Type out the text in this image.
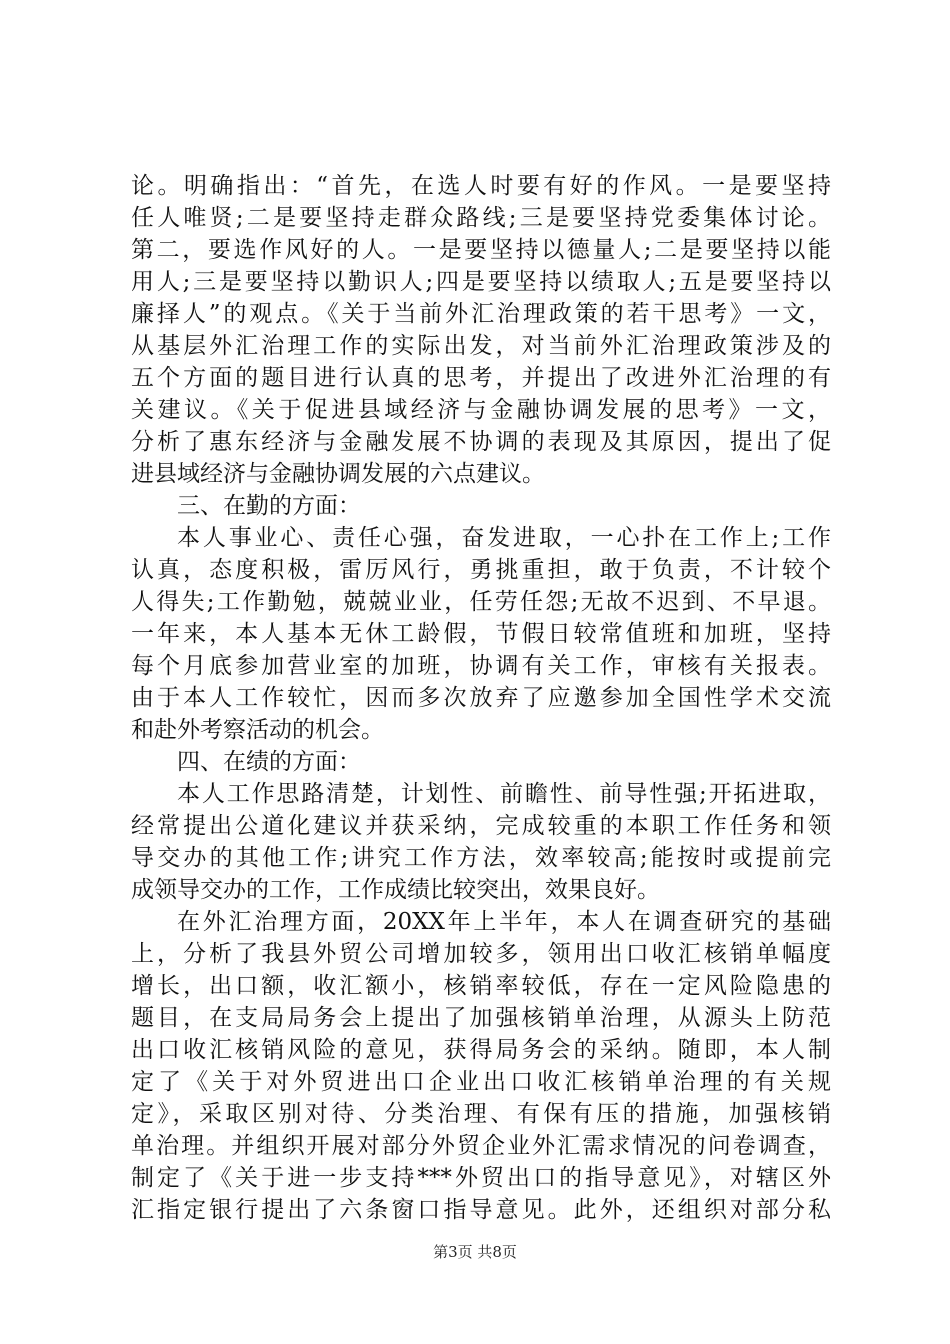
论。明确指出：“首先，在选人时要有好的作风。一是要坚持
任人唯贤;二是要坚持走群众路线;三是要坚持党委集体讨论。
第二，要选作风好的人。一是要坚持以德量人;二是要坚持以能
用人;三是要坚持以勤识人;四是要坚持以绩取人;五是要坚持以
廉择人”的观点。《关于当前外汇治理政策的若干思考》一文，
从基层外汇治理工作的实际出发，对当前外汇治理政策涉及的
五个方面的题目进行认真的思考，并提出了改进外汇治理的有
关建议。《关于促进县域经济与金融协调发展的思考》一文，
分析了惠东经济与金融发展不协调的表现及其原因，提出了促
进县域经济与金融协调发展的六点建议。
三、在勤的方面：
本人事业心、责任心强，奋发进取，一心扑在工作上;工作
认真，态度积极，雷厉风行，勇挑重担，敢于负责，不计较个
人得失;工作勤勉，兢兢业业，任劳任怨;无故不迟到、不早退。
一年来，本人基本无休工龄假，节假日较常值班和加班，坚持
每个月底参加营业室的加班，协调有关工作，审核有关报表。
由于本人工作较忙，因而多次放弃了应邀参加全国性学术交流
和赴外考察活动的机会。
四、在绩的方面：
本人工作思路清楚，计划性、前瞻性、前导性强;开拓进取，
经常提出公道化建议并获采纳，完成较重的本职工作任务和领
导交办的其他工作;讲究工作方法，效率较高;能按时或提前完
成领导交办的工作，工作成绩比较突出，效果良好。
在外汇治理方面，20XX年上半年，本人在调查研究的基础
上，分析了我县外贸公司增加较多，领用出口收汇核销单幅度
增长，出口额，收汇额小，核销率较低，存在一定风险隐患的
题目，在支局局务会上提出了加强核销单治理，从源头上防范
出口收汇核销风险的意见，获得局务会的采纳。随即，本人制
定了《关于对外贸进出口企业出口收汇核销单治理的有关规
定》，采取区别对待、分类治理、有保有压的措施，加强核销
单治理。并组织开展对部分外贸企业外汇需求情况的问卷调查，
制定了《关于进一步支持***外贸出口的指导意见》，对辖区外
汇指定银行提出了六条窗口指导意见。此外，还组织对部分私
第3页 共8页
